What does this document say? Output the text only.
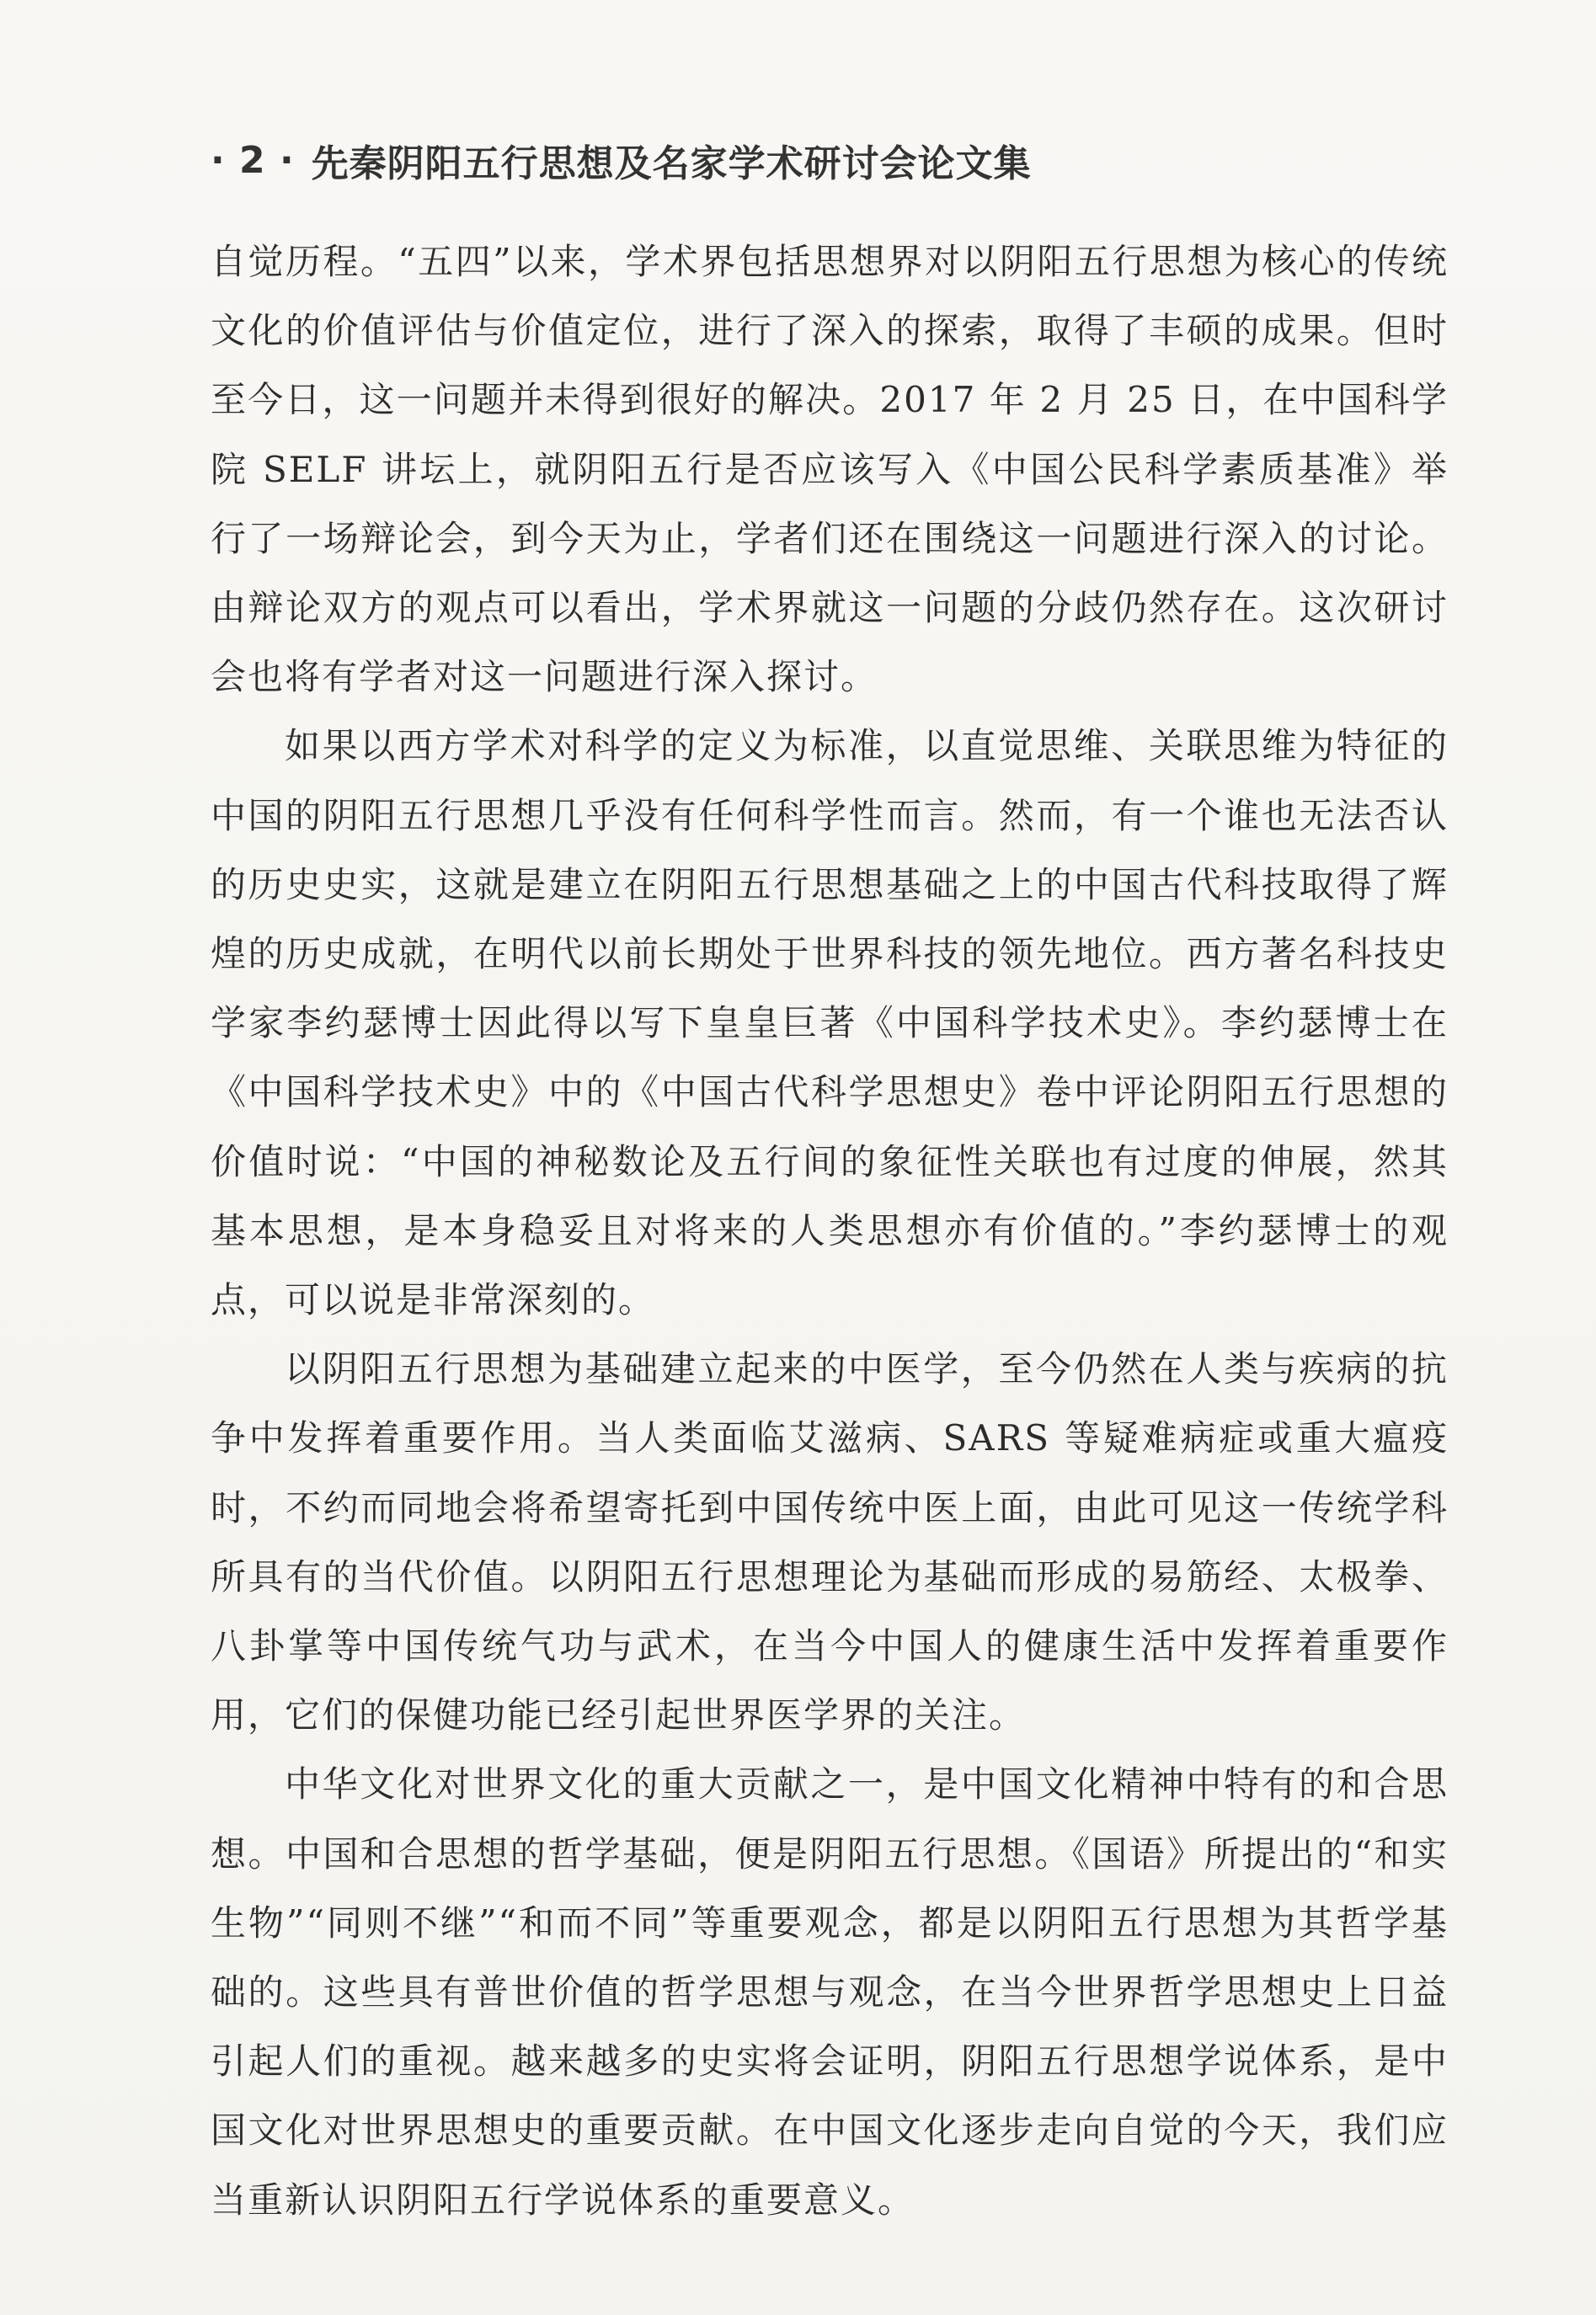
· 2 · 先秦阴阳五行思想及名家学术研讨会论文集

自觉历程。“五四”以来，学术界包括思想界对以阴阳五行思想为核心的传统文化的价值评估与价值定位，进行了深入的探索，取得了丰硕的成果。但时至今日，这一问题并未得到很好的解决。2017 年 2 月 25 日，在中国科学院 SELF 讲坛上，就阴阳五行是否应该写入《中国公民科学素质基准》举行了一场辩论会，到今天为止，学者们还在围绕这一问题进行深入的讨论。由辩论双方的观点可以看出，学术界就这一问题的分歧仍然存在。这次研讨会也将有学者对这一问题进行深入探讨。

如果以西方学术对科学的定义为标准，以直觉思维、关联思维为特征的中国的阴阳五行思想几乎没有任何科学性而言。然而，有一个谁也无法否认的历史史实，这就是建立在阴阳五行思想基础之上的中国古代科技取得了辉煌的历史成就，在明代以前长期处于世界科技的领先地位。西方著名科技史学家李约瑟博士因此得以写下皇皇巨著《中国科学技术史》。李约瑟博士在《中国科学技术史》中的《中国古代科学思想史》卷中评论阴阳五行思想的价值时说：“中国的神秘数论及五行间的象征性关联也有过度的伸展，然其基本思想，是本身稳妥且对将来的人类思想亦有价值的。”李约瑟博士的观点，可以说是非常深刻的。

以阴阳五行思想为基础建立起来的中医学，至今仍然在人类与疾病的抗争中发挥着重要作用。当人类面临艾滋病、SARS 等疑难病症或重大瘟疫时，不约而同地会将希望寄托到中国传统中医上面，由此可见这一传统学科所具有的当代价值。以阴阳五行思想理论为基础而形成的易筋经、太极拳、八卦掌等中国传统气功与武术，在当今中国人的健康生活中发挥着重要作用，它们的保健功能已经引起世界医学界的关注。

中华文化对世界文化的重大贡献之一，是中国文化精神中特有的和合思想。中国和合思想的哲学基础，便是阴阳五行思想。《国语》所提出的“和实生物”“同则不继”“和而不同”等重要观念，都是以阴阳五行思想为其哲学基础的。这些具有普世价值的哲学思想与观念，在当今世界哲学思想史上日益引起人们的重视。越来越多的史实将会证明，阴阳五行思想学说体系，是中国文化对世界思想史的重要贡献。在中国文化逐步走向自觉的今天，我们应当重新认识阴阳五行学说体系的重要意义。
